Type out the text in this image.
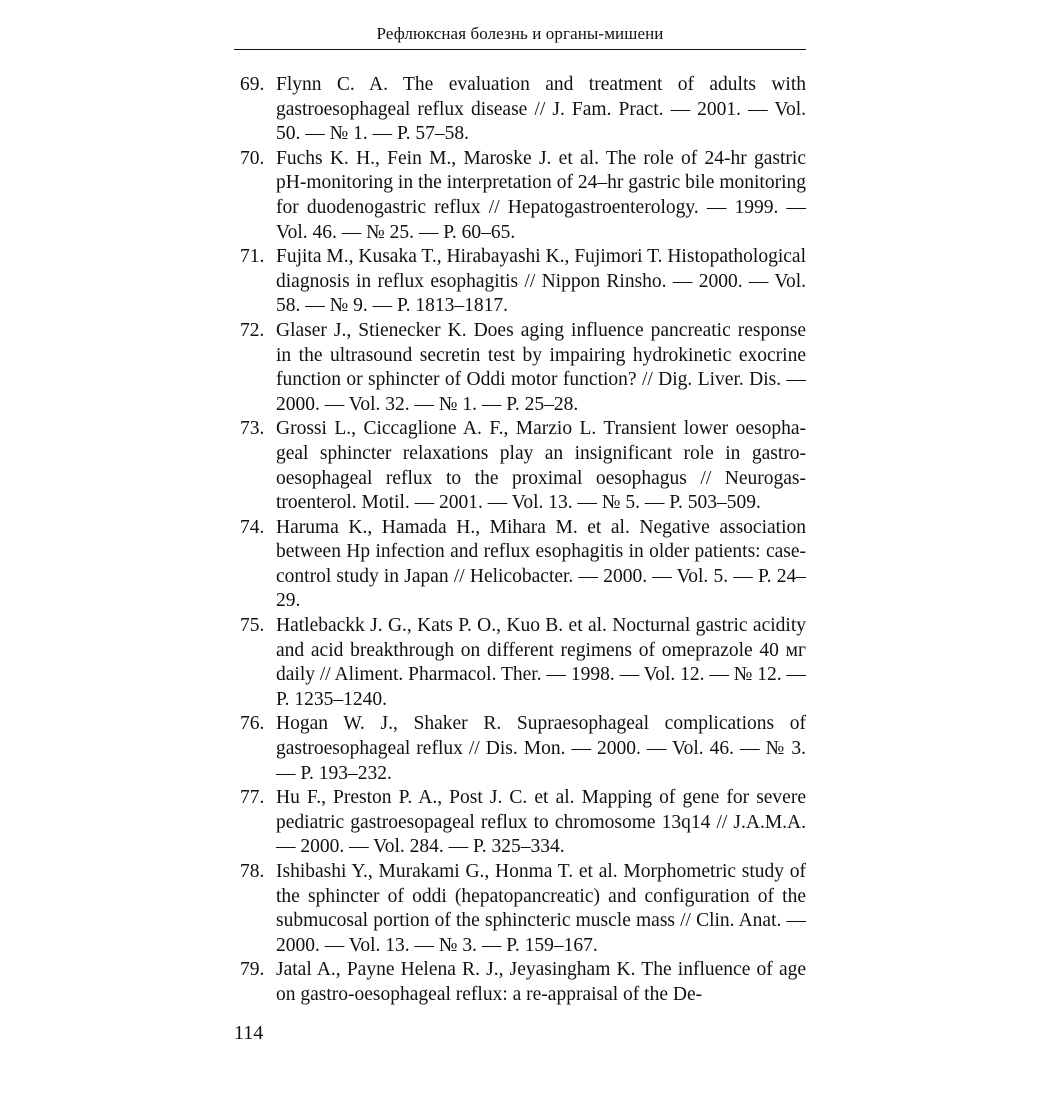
Рефлюксная болезнь и органы-мишени
69. Flynn C. A. The evaluation and treatment of adults with gastroesophageal reflux disease // J. Fam. Pract. — 2001. — Vol. 50. — № 1. — P. 57–58.
70. Fuchs K. H., Fein M., Maroske J. et al. The role of 24-hr gastric pH-monitoring in the interpretation of 24–hr gastric bile monitoring for duodenogastric reflux // Hepatogastroenterology. — 1999. — Vol. 46. — № 25. — P. 60–65.
71. Fujita M., Kusaka T., Hirabayashi K., Fujimori T. Histopathological diagnosis in reflux esophagitis // Nippon Rinsho. — 2000. — Vol. 58. — № 9. — P. 1813–1817.
72. Glaser J., Stienecker K. Does aging influence pancreatic response in the ultrasound secretin test by impairing hydrokinetic exocrine function or sphincter of Oddi motor function? // Dig. Liver. Dis. — 2000. — Vol. 32. — № 1. — P. 25–28.
73. Grossi L., Ciccaglione A. F., Marzio L. Transient lower oesophageal sphincter relaxations play an insignificant role in gastro-oesophageal reflux to the proximal oesophagus // Neurogastroenterol. Motil. — 2001. — Vol. 13. — № 5. — P. 503–509.
74. Haruma K., Hamada H., Mihara M. et al. Negative association between Hp infection and reflux esophagitis in older patients: case-control study in Japan // Helicobacter. — 2000. — Vol. 5. — P. 24–29.
75. Hatlebackk J. G., Kats P. O., Kuo B. et al. Nocturnal gastric acidity and acid breakthrough on different regimens of omeprazole 40 мг daily // Aliment. Pharmacol. Ther. — 1998. — Vol. 12. — № 12. — P. 1235–1240.
76. Hogan W. J., Shaker R. Supraesophageal complications of gastroesophageal reflux // Dis. Mon. — 2000. — Vol. 46. — № 3. — P. 193–232.
77. Hu F., Preston P. A., Post J. C. et al. Mapping of gene for severe pediatric gastroesopageal reflux to chromosome 13q14 // J.A.M.A. — 2000. — Vol. 284. — P. 325–334.
78. Ishibashi Y., Murakami G., Honma T. et al. Morphometric study of the sphincter of oddi (hepatopancreatic) and configuration of the submucosal portion of the sphincteric muscle mass // Clin. Anat. — 2000. — Vol. 13. — № 3. — P. 159–167.
79. Jatal A., Payne Helena R. J., Jeyasingham K. The influence of age on gastro-oesophageal reflux: a re-appraisal of the De-
114
